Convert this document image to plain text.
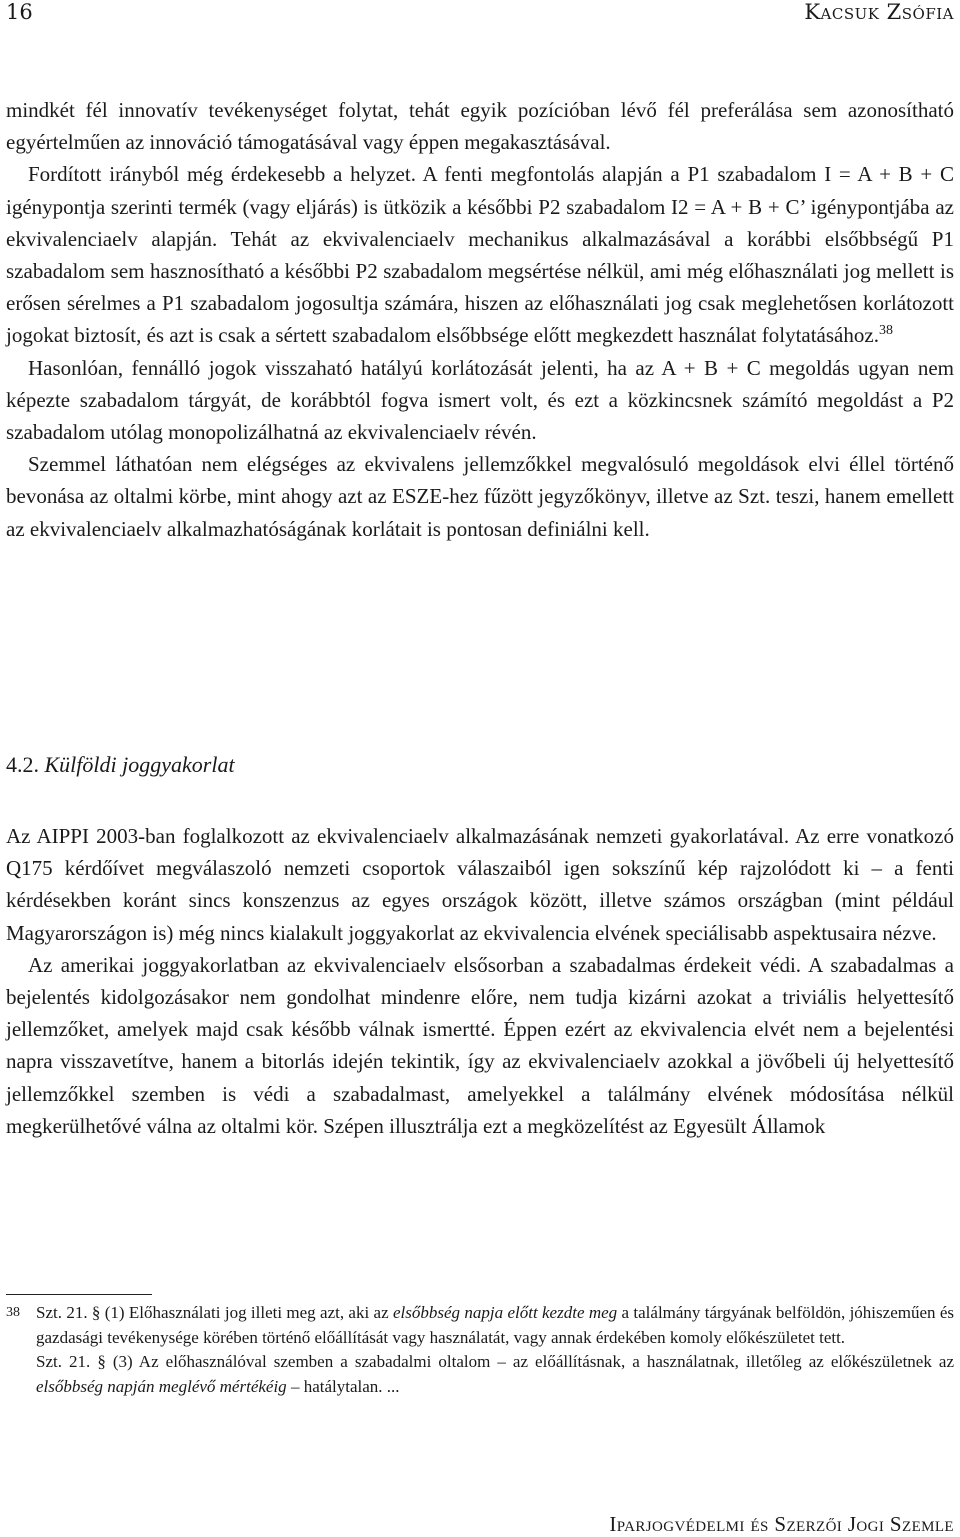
16	Kacsuk Zsófia

mindkét fél innovatív tevékenységet folytat, tehát egyik pozícióban lévő fél preferálása sem azonosítható egyértelműen az innováció támogatásával vagy éppen megakasztásával.

Fordított irányból még érdekesebb a helyzet. A fenti megfontolás alapján a P1 szabadalom I = A + B + C igénypontja szerinti termék (vagy eljárás) is ütközik a későbbi P2 szabadalom I2 = A + B + C’ igénypontjába az ekvivalenciaelv alapján. Tehát az ekvivalenciaelv mechanikus alkalmazásával a korábbi elsőbbségű P1 szabadalom sem hasznosítható a későbbi P2 szabadalom megsértése nélkül, ami még előhasználati jog mellett is erősen sérelmes a P1 szabadalom jogosultja számára, hiszen az előhasználati jog csak meglehetősen korlátozott jogokat biztosít, és azt is csak a sértett szabadalom elsőbbsége előtt megkezdett használat folytatásához.$^{38}$

Hasonlóan, fennálló jogok visszaható hatályú korlátozását jelenti, ha az A + B + C megoldás ugyan nem képezte szabadalom tárgyát, de korábbtól fogva ismert volt, és ezt a közkincsnek számító megoldást a P2 szabadalom utólag monopolizálhatná az ekvivalenciaelv révén.

Szemmel láthatóan nem elégséges az ekvivalens jellemzőkkel megvalósuló megoldások elvi éllel történő bevonása az oltalmi körbe, mint ahogy azt az ESZE-hez fűzött jegyzőkönyv, illetve az Szt. teszi, hanem emellett az ekvivalenciaelv alkalmazhatóságának korlátait is pontosan definiálni kell.

4.2. Külföldi joggyakorlat

Az AIPPI 2003-ban foglalkozott az ekvivalenciaelv alkalmazásának nemzeti gyakorlatával. Az erre vonatkozó Q175 kérdőívet megválaszoló nemzeti csoportok válaszaiból igen sokszínű kép rajzolódott ki – a fenti kérdésekben koránt sincs konszenzus az egyes országok között, illetve számos országban (mint például Magyarországon is) még nincs kialakult joggyakorlat az ekvivalencia elvének speciálisabb aspektusaira nézve.

Az amerikai joggyakorlatban az ekvivalenciaelv elsősorban a szabadalmas érdekeit védi. A szabadalmas a bejelentés kidolgozásakor nem gondolhat mindenre előre, nem tudja kizárni azokat a triviális helyettesítő jellemzőket, amelyek majd csak később válnak ismertté. Éppen ezért az ekvivalencia elvét nem a bejelentési napra visszavetítve, hanem a bitorlás idején tekintik, így az ekvivalenciaelv azokkal a jövőbeli új helyettesítő jellemzőkkel szemben is védi a szabadalmast, amelyekkel a találmány elvének módosítása nélkül megkerülhetővé válna az oltalmi kör. Szépen illusztrálja ezt a megközelítést az Egyesült Államok

38 Szt. 21. § (1) Előhasználati jog illeti meg azt, aki az elsőbbség napja előtt kezdte meg a találmány tárgyának belföldön, jóhiszeműen és gazdasági tevékenysége körében történő előállítását vagy használatát, vagy annak érdekében komoly előkészületet tett.

Szt. 21. § (3) Az előhasználóval szemben a szabadalmi oltalom – az előállításnak, a használatnak, illetőleg az előkészületnek az elsőbbség napján meglévő mértékéig – hatálytalan. ...

Iparjogvédelmi és Szerzői Jogi Szemle
